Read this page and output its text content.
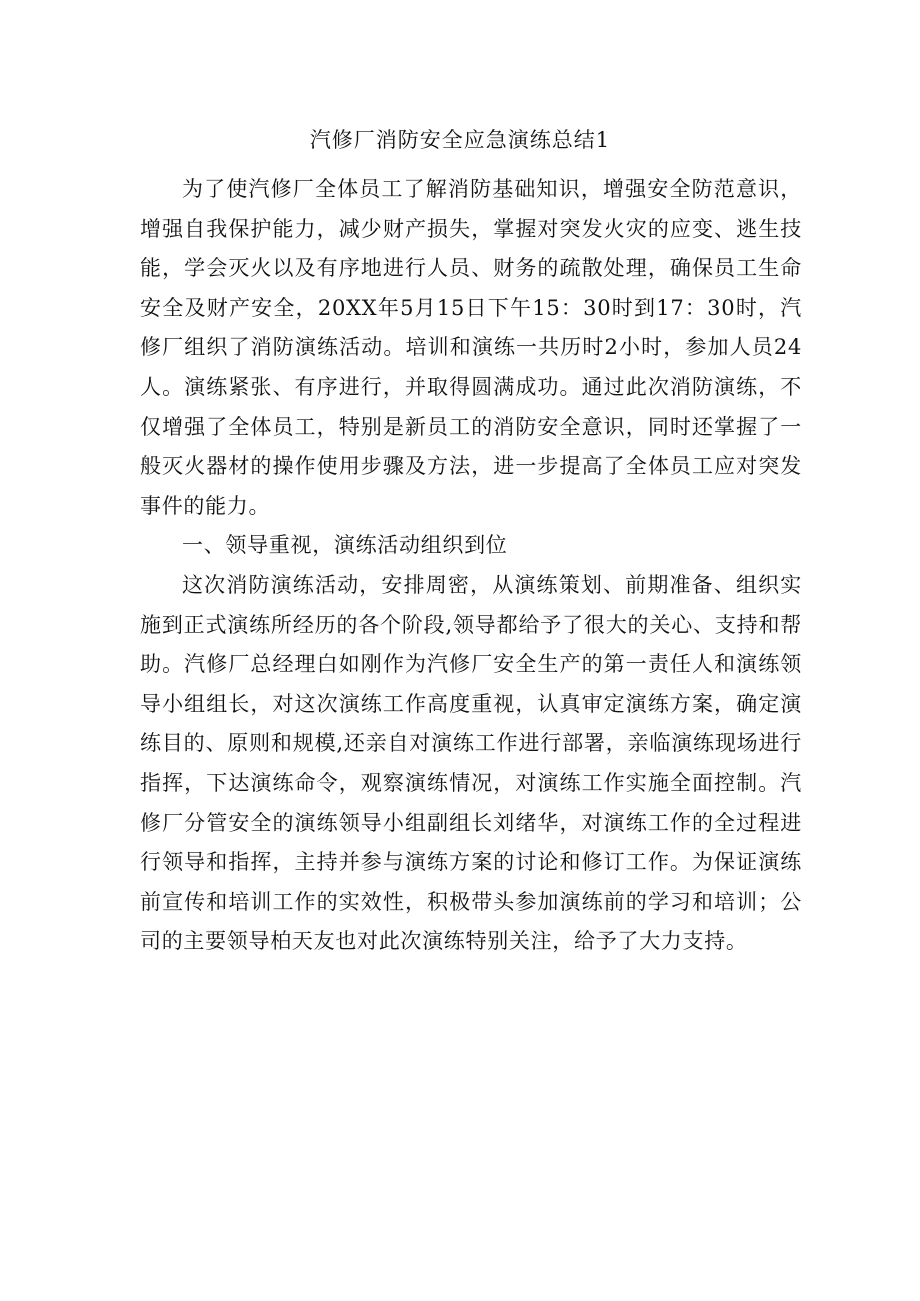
汽修厂消防安全应急演练总结1

为了使汽修厂全体员工了解消防基础知识，增强安全防范意识，增强自我保护能力，减少财产损失，掌握对突发火灾的应变、逃生技能，学会灭火以及有序地进行人员、财务的疏散处理，确保员工生命安全及财产安全，20XX年5月15日下午15：30时到17：30时，汽修厂组织了消防演练活动。培训和演练一共历时2小时，参加人员24人。演练紧张、有序进行，并取得圆满成功。通过此次消防演练，不仅增强了全体员工，特别是新员工的消防安全意识，同时还掌握了一般灭火器材的操作使用步骤及方法，进一步提高了全体员工应对突发事件的能力。

一、领导重视，演练活动组织到位

这次消防演练活动，安排周密，从演练策划、前期准备、组织实施到正式演练所经历的各个阶段,领导都给予了很大的关心、支持和帮助。汽修厂总经理白如刚作为汽修厂安全生产的第一责任人和演练领导小组组长，对这次演练工作高度重视，认真审定演练方案，确定演练目的、原则和规模,还亲自对演练工作进行部署，亲临演练现场进行指挥，下达演练命令，观察演练情况，对演练工作实施全面控制。汽修厂分管安全的演练领导小组副组长刘绪华，对演练工作的全过程进行领导和指挥，主持并参与演练方案的讨论和修订工作。为保证演练前宣传和培训工作的实效性，积极带头参加演练前的学习和培训；公司的主要领导柏天友也对此次演练特别关注，给予了大力支持。
